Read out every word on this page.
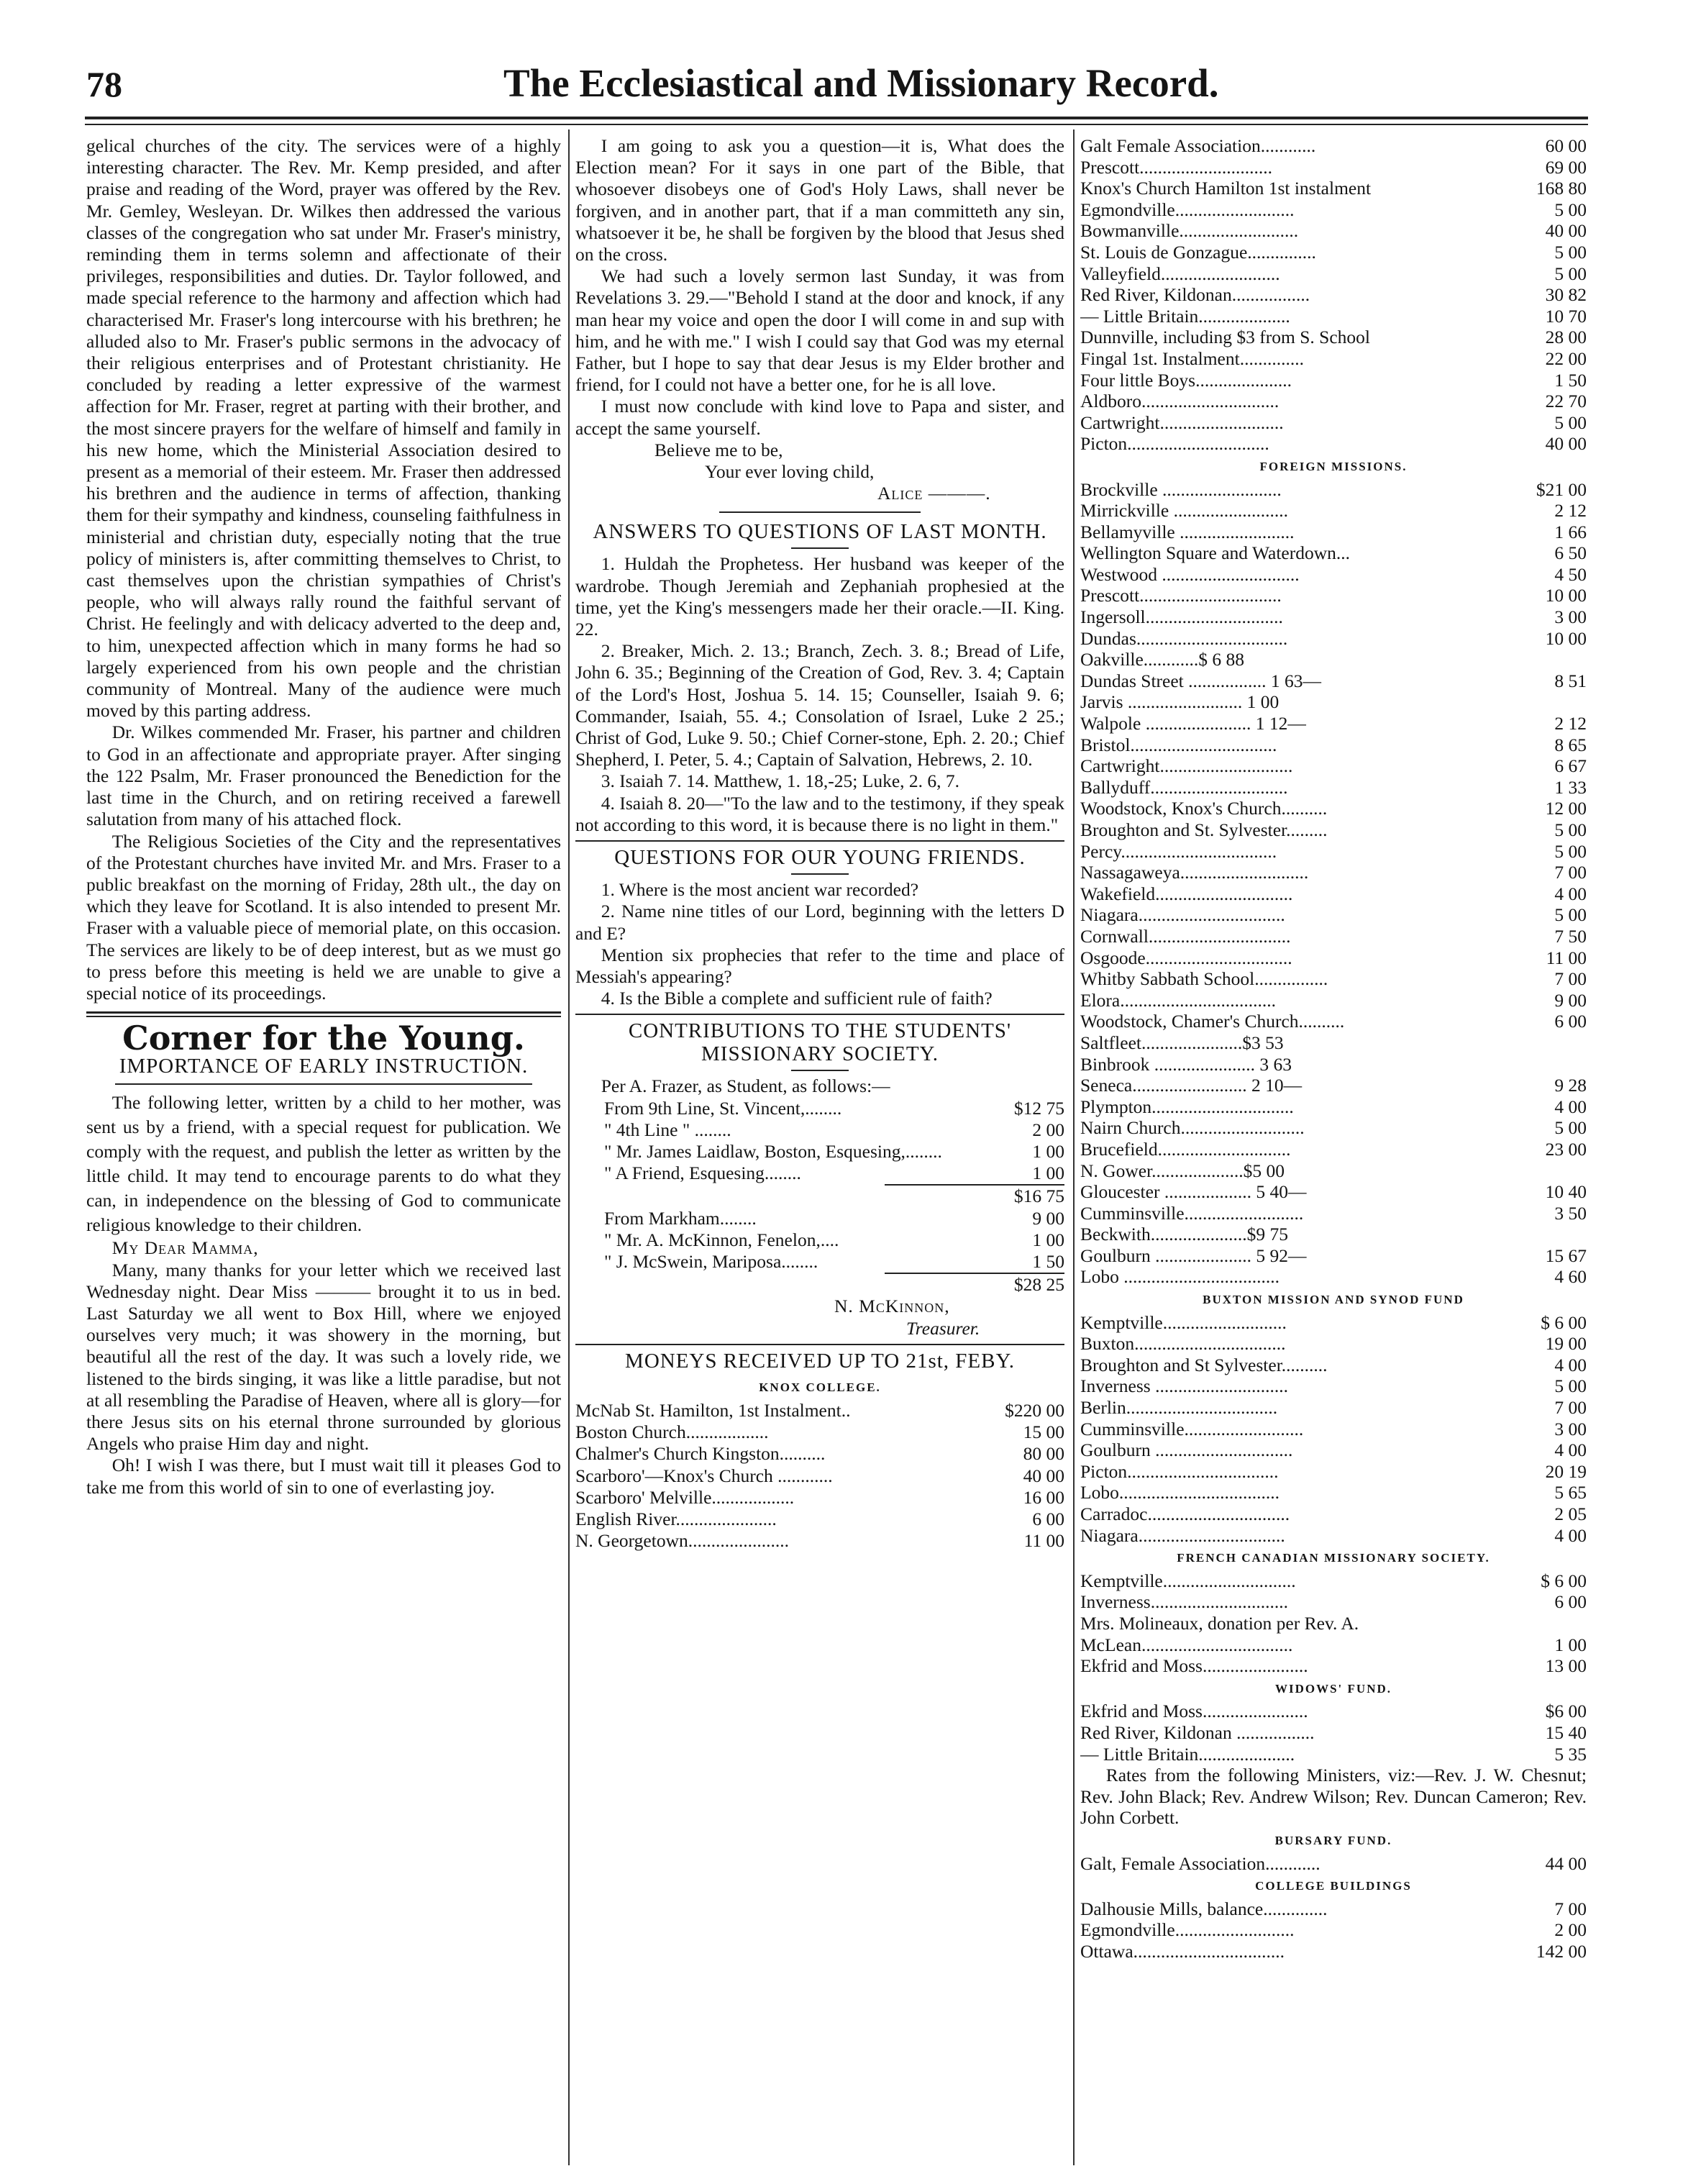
78	The Ecclesiastical and Missionary Record.

gelical churches of the city. The services were of a highly interesting character. The Rev. Mr. Kemp presided, and after praise and reading of the Word, prayer was offered by the Rev. Mr. Gemley, Wesleyan. Dr. Wilkes then addressed the various classes of the congregation who sat under Mr. Fraser's ministry, reminding them in terms solemn and affectionate of their privileges, responsibilities and duties. Dr. Taylor followed, and made special reference to the harmony and affection which had characterised Mr. Fraser's long intercourse with his brethren; he alluded also to Mr. Fraser's public sermons in the advocacy of their religious enterprises and of Protestant christianity. He concluded by reading a letter expressive of the warmest affection for Mr. Fraser, regret at parting with their brother, and the most sincere prayers for the welfare of himself and family in his new home, which the Ministerial Association desired to present as a memorial of their esteem. Mr. Fraser then addressed his brethren and the audience in terms of affection, thanking them for their sympathy and kindness, counseling faithfulness in ministerial and christian duty, especially noting that the true policy of ministers is, after committing themselves to Christ, to cast themselves upon the christian sympathies of Christ's people, who will always rally round the faithful servant of Christ. He feelingly and with delicacy adverted to the deep and, to him, unexpected affection which in many forms he had so largely experienced from his own people and the christian community of Montreal. Many of the audience were much moved by this parting address.

Dr. Wilkes commended Mr. Fraser, his partner and children to God in an affectionate and appropriate prayer. After singing the 122 Psalm, Mr. Fraser pronounced the Benediction for the last time in the Church, and on retiring received a farewell salutation from many of his attached flock.

The Religious Societies of the City and the representatives of the Protestant churches have invited Mr. and Mrs. Fraser to a public breakfast on the morning of Friday, 28th ult., the day on which they leave for Scotland. It is also intended to present Mr. Fraser with a valuable piece of memorial plate, on this occasion. The services are likely to be of deep interest, but as we must go to press before this meeting is held we are unable to give a special notice of its proceedings.

Corner for the Young.
IMPORTANCE OF EARLY INSTRUCTION.

The following letter, written by a child to her mother, was sent us by a friend, with a special request for publication. We comply with the request, and publish the letter as written by the little child. It may tend to encourage parents to do what they can, in independence on the blessing of God to communicate religious knowledge to their children.

My Dear Mamma,

Many, many thanks for your letter which we received last Wednesday night. Dear Miss ——— brought it to us in bed. Last Saturday we all went to Box Hill, where we enjoyed ourselves very much; it was showery in the morning, but beautiful all the rest of the day. It was such a lovely ride, we listened to the birds singing, it was like a little paradise, but not at all resembling the Paradise of Heaven, where all is glory—for there Jesus sits on his eternal throne surrounded by glorious Angels who praise Him day and night.

Oh! I wish I was there, but I must wait till it pleases God to take me from this world of sin to one of everlasting joy.

I am going to ask you a question—it is, What does the Election mean? For it says in one part of the Bible, that whosoever disobeys one of God's Holy Laws, shall never be forgiven, and in another part, that if a man committeth any sin, whatsoever it be, he shall be forgiven by the blood that Jesus shed on the cross.

We had such a lovely sermon last Sunday, it was from Revelations 3. 29.—"Behold I stand at the door and knock, if any man hear my voice and open the door I will come in and sup with him, and he with me." I wish I could say that God was my eternal Father, but I hope to say that dear Jesus is my Elder brother and friend, for I could not have a better one, for he is all love.

I must now conclude with kind love to Papa and sister, and accept the same yourself.

Believe me to be,

Your ever loving child,

Alice ———.

ANSWERS TO QUESTIONS OF LAST MONTH.

1. Huldah the Prophetess. Her husband was keeper of the wardrobe. Though Jeremiah and Zephaniah prophesied at the time, yet the King's messengers made her their oracle.—II. King. 22.

2. Breaker, Mich. 2. 13.; Branch, Zech. 3. 8.; Bread of Life, John 6. 35.; Beginning of the Creation of God, Rev. 3. 4; Captain of the Lord's Host, Joshua 5. 14. 15; Counseller, Isaiah 9. 6; Commander, Isaiah, 55. 4.; Consolation of Israel, Luke 2 25.; Christ of God, Luke 9. 50.; Chief Corner-stone, Eph. 2. 20.; Chief Shepherd, I. Peter, 5. 4.; Captain of Salvation, Hebrews, 2. 10.

3. Isaiah 7. 14. Matthew, 1. 18,-25; Luke, 2. 6, 7.

4. Isaiah 8. 20—"To the law and to the testimony, if they speak not according to this word, it is because there is no light in them."

QUESTIONS FOR OUR YOUNG FRIENDS.

1. Where is the most ancient war recorded?

2. Name nine titles of our Lord, beginning with the letters D and E?

Mention six prophecies that refer to the time and place of Messiah's appearing?

4. Is the Bible a complete and sufficient rule of faith?

CONTRIBUTIONS TO THE STUDENTS' MISSIONARY SOCIETY.

Per A. Frazer, as Student, as follows:—

From 9th Line, St. Vincent,........	$12 75
" 4th Line " ........	2 00
" Mr. James Laidlaw, Boston, Esquesing,........	1 00
" A Friend, Esquesing........	1 00
$16 75
From Markham........	9 00
" Mr. A. McKinnon, Fenelon,....	1 00
" J. McSwein, Mariposa........	1 50
$28 25

N. McKinnon,

Treasurer.

MONEYS RECEIVED UP TO 21st, FEBY.
KNOX COLLEGE.
McNab St. Hamilton, 1st Instalment..	$220 00
Boston Church..................	15 00
Chalmer's Church Kingston..........	80 00
Scarboro'—Knox's Church ............	40 00
Scarboro' Melville..................	16 00
English River......................	6 00
N. Georgetown......................	11 00
Galt Female Association............	60 00
Prescott.............................	69 00
Knox's Church Hamilton 1st instalment	168 80
Egmondville..........................	5 00
Bowmanville..........................	40 00
St. Louis de Gonzague...............	5 00
Valleyfield..........................	5 00
Red River, Kildonan.................	30 82
— Little Britain....................	10 70
Dunnville, including $3 from S. School	28 00
Fingal 1st. Instalment..............	22 00
Four little Boys.....................	1 50
Aldboro..............................	22 70
Cartwright...........................	5 00
Picton...............................	40 00
FOREIGN MISSIONS.
Brockville ..........................	$21 00
Mirrickville .........................	2 12
Bellamyville .........................	1 66
Wellington Square and Waterdown...	6 50
Westwood ..............................	4 50
Prescott...............................	10 00
Ingersoll..............................	3 00
Dundas.................................	10 00
Oakville............$ 6 88
Dundas Street ................. 1 63—	8 51
Jarvis ......................... 1 00
Walpole ....................... 1 12—	2 12
Bristol................................	8 65
Cartwright.............................	6 67
Ballyduff..............................	1 33
Woodstock, Knox's Church..........	12 00
Broughton and St. Sylvester.........	5 00
Percy..................................	5 00
Nassagaweya............................	7 00
Wakefield..............................	4 00
Niagara................................	5 00
Cornwall...............................	7 50
Osgoode................................	11 00
Whitby Sabbath School................	7 00
Elora..................................	9 00
Woodstock, Chamer's Church..........	6 00
Saltfleet......................$3 53
Binbrook ...................... 3 63
Seneca......................... 2 10—	9 28
Plympton...............................	4 00
Nairn Church...........................	5 00
Brucefield.............................	23 00
N. Gower....................$5 00
Gloucester ................... 5 40—	10 40
Cumminsville..........................	3 50
Beckwith.....................$9 75
Goulburn ..................... 5 92—	15 67
Lobo ..................................	4 60
BUXTON MISSION AND SYNOD FUND
Kemptville...........................	$ 6 00
Buxton.................................	19 00
Broughton and St Sylvester..........	4 00
Inverness .............................	5 00
Berlin.................................	7 00
Cumminsville..........................	3 00
Goulburn ..............................	4 00
Picton.................................	20 19
Lobo...................................	5 65
Carradoc...............................	2 05
Niagara................................	4 00
FRENCH CANADIAN MISSIONARY SOCIETY.
Kemptville.............................	$ 6 00
Inverness..............................	6 00
Mrs. Molineaux, donation per Rev. A.
McLean.................................	1 00
Ekfrid and Moss.......................	13 00
WIDOWS' FUND.
Ekfrid and Moss.......................	$6 00
Red River, Kildonan .................	15 40
— Little Britain.....................	5 35

Rates from the following Ministers, viz:—Rev. J. W. Chesnut; Rev. John Black; Rev. Andrew Wilson; Rev. Duncan Cameron; Rev. John Corbett.

BURSARY FUND.
Galt, Female Association............	44 00
COLLEGE BUILDINGS
Dalhousie Mills, balance..............	7 00
Egmondville..........................	2 00
Ottawa.................................	142 00
